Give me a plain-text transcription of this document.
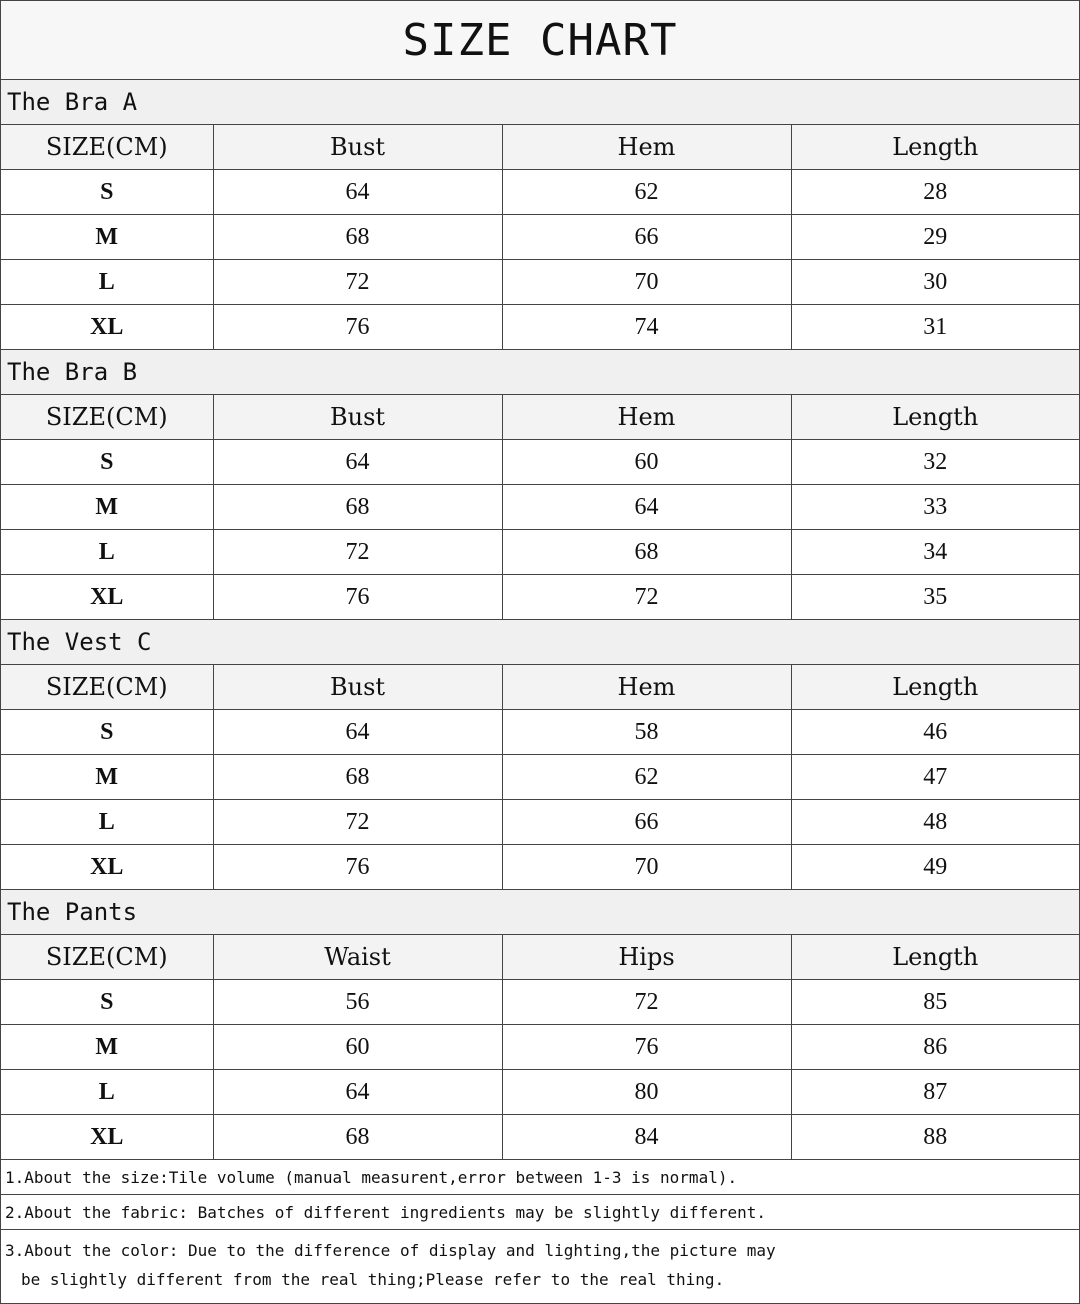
SIZE CHART
The Bra A
SIZE(CM)	Bust	Hem	Length
S	64	62	28
M	68	66	29
L	72	70	30
XL	76	74	31
The Bra B
SIZE(CM)	Bust	Hem	Length
S	64	60	32
M	68	64	33
L	72	68	34
XL	76	72	35
The Vest C
SIZE(CM)	Bust	Hem	Length
S	64	58	46
M	68	62	47
L	72	66	48
XL	76	70	49
The Pants
SIZE(CM)	Waist	Hips	Length
S	56	72	85
M	60	76	86
L	64	80	87
XL	68	84	88
1.About the size:Tile volume (manual measurent,error between 1-3 is normal).
2.About the fabric: Batches of different ingredients may be slightly different.
3.About the color: Due to the difference of display and lighting,the picture may
be slightly different from the real thing;Please refer to the real thing.
